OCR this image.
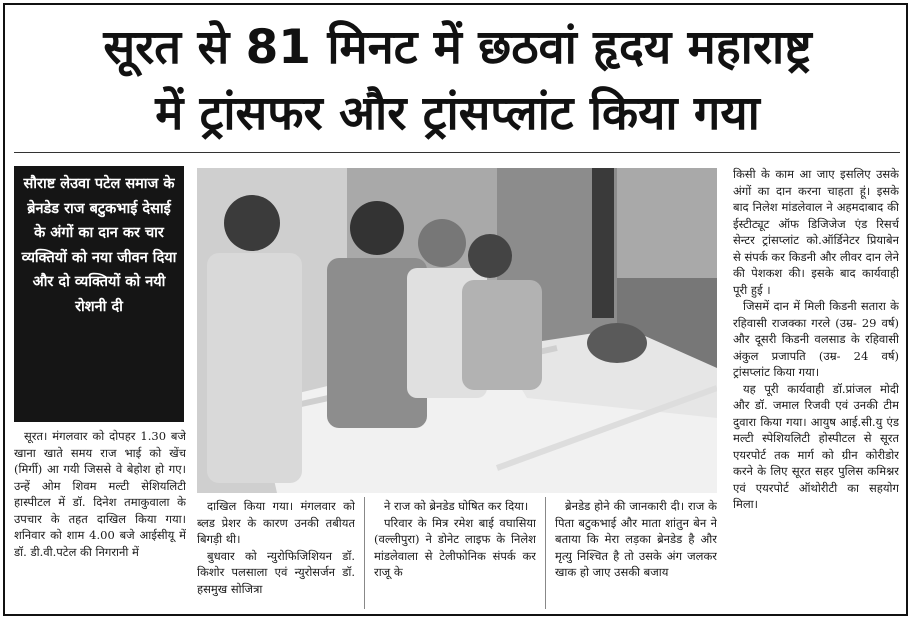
सूरत से 81 मिनट में छठवां हृदय महाराष्ट्र
में ट्रांसफर और ट्रांसप्लांट किया गया
सौराष्ट लेउवा पटेल समाज के ब्रेनडेड राज बटुकभाई देसाई के अंगों का दान कर चार व्यक्तियों को नया जीवन दिया और दो व्यक्तियों को नयी रोशनी दी

सूरत। मंगलवार को दोपहर 1.30 बजे खाना खाते समय राज भाई को खेंच (मिर्गी) आ गयी जिससे वे बेहोश हो गए। उन्हें ओम शिवम मल्टी सेशियलिटी हास्पीटल में डॉ. दिनेश तमाकुवाला के उपचार के तहत दाखिल किया गया। शनिवार को शाम 4.00 बजे आईसीयू में डॉ. डी.वी.पटेल की निगरानी में

दाखिल किया गया। मंगलवार को ब्लड प्रेशर के कारण उनकी तबीयत बिगड़ी थी।

बुधवार को न्युरोफिजिशियन डॉ. किशोर पलसाला एवं न्युरोसर्जन डॉ. हसमुख सोजित्रा

ने राज को ब्रेनडेड घोषित कर दिया।

परिवार के मित्र रमेश बाई वघासिया (वल्लीपुरा) ने डोनेट लाइफ के निलेश मांडलेवाला से टेलीफोनिक संपर्क कर राजू के

ब्रेनडेड होने की जानकारी दी। राज के पिता बटुकभाई और माता शांतुन बेन ने बताया कि मेरा लड़का ब्रेनडेड है और मृत्यु निश्चित है तो उसके अंग जलकर खाक हो जाए उसकी बजाय

किसी के काम आ जाए इसलिए उसके अंगों का दान करना चाहता हूं। इसके बाद निलेश मांडलेवाल ने अहमदाबाद की ईस्टीट्यूट ऑफ डिजिजेज एंड रिसर्च सेन्टर ट्रांसप्लांट को.ऑर्डिनेटर प्रियाबेन से संपर्क कर किडनी और लीवर दान लेने की पेशकश की। इसके बाद कार्यवाही पूरी हुई ।

जिसमें दान में मिली किडनी सतारा के रहिवासी राजक्का गरले (उम्र- 29 वर्ष) और दूसरी किडनी वलसाड के रहिवासी अंकुल प्रजापति (उम्र- 24 वर्ष) ट्रांसप्लांट किया गया।

यह पूरी कार्यवाही डॉ.प्रांजल मोदी और डॉ. जमाल रिजवी एवं उनकी टीम दुवारा किया गया। आयुष आई.सी.यु एंड मल्टी स्पेशियलिटी होस्पीटल से सूरत एयरपोर्ट तक मार्ग को ग्रीन कोरीडोर करने के लिए सूरत सहर पुलिस कमिश्नर एवं एयरपोर्ट ऑथोरीटी का सहयोग मिला।
